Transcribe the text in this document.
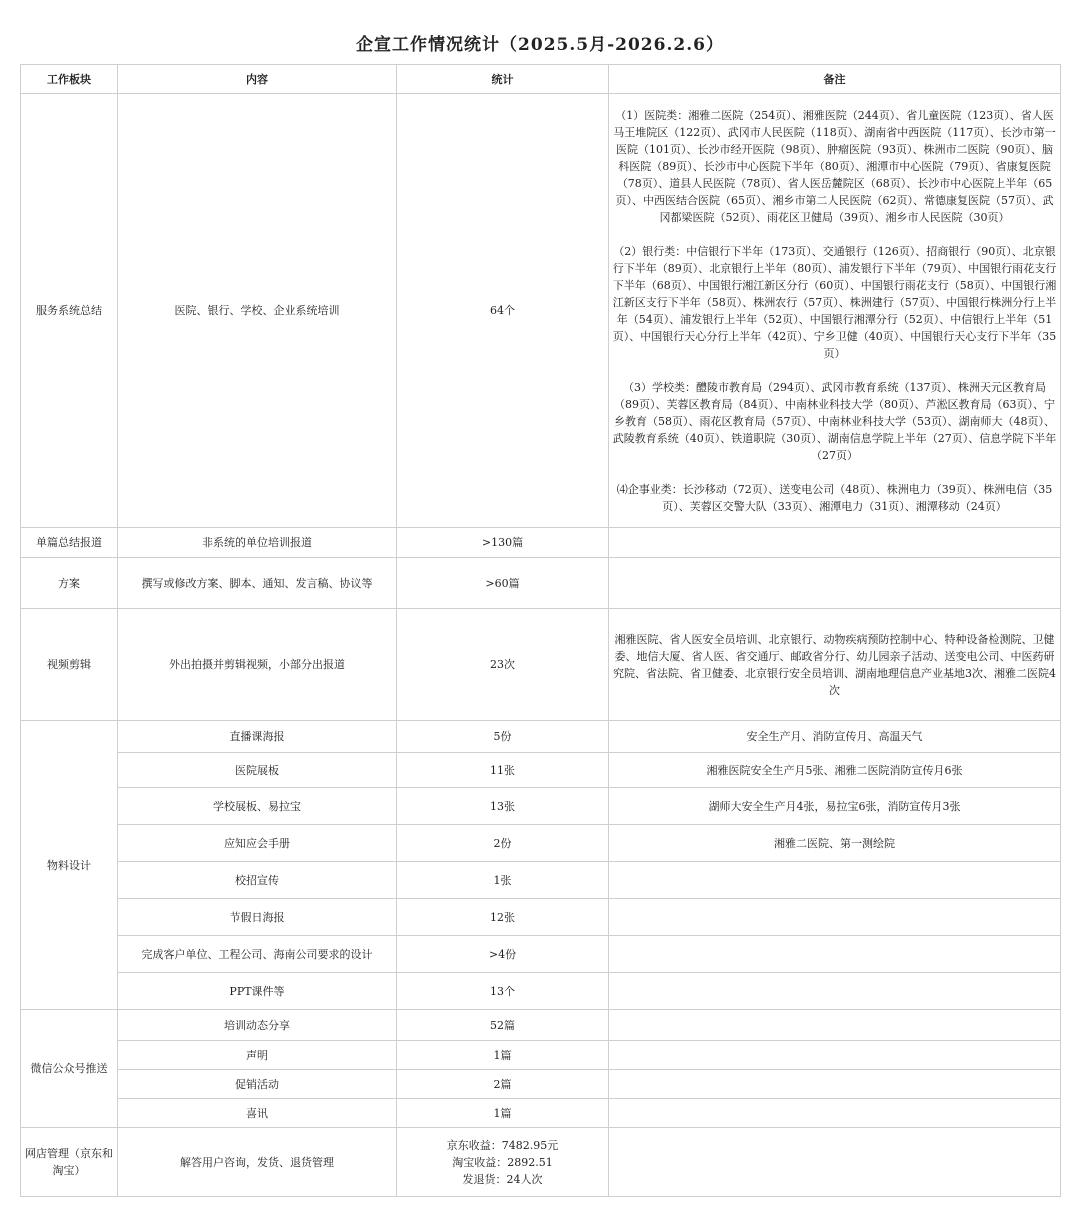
企宣工作情况统计（2025.5月-2026.2.6）
工作板块	内容	统计	备注
服务系统总结	医院、银行、学校、企业系统培训	64个	（1）医院类：湘雅二医院（254页）、湘雅医院（244页）、省儿童医院（123页）、省人医马王堆院区（122页）、武冈市人民医院（118页）、湖南省中西医院（117页）、长沙市第一医院（101页）、长沙市经开医院（98页）、肿瘤医院（93页）、株洲市二医院（90页）、脑科医院（89页）、长沙市中心医院下半年（80页）、湘潭市中心医院（79页）、省康复医院（78页）、道县人民医院（78页）、省人医岳麓院区（68页）、长沙市中心医院上半年（65页）、中西医结合医院（65页）、湘乡市第二人民医院（62页）、常德康复医院（57页）、武冈都梁医院（52页）、雨花区卫健局（39页）、湘乡市人民医院（30页）
（2）银行类：中信银行下半年（173页）、交通银行（126页）、招商银行（90页）、北京银行下半年（89页）、北京银行上半年（80页）、浦发银行下半年（79页）、中国银行雨花支行下半年（68页）、中国银行湘江新区分行（60页）、中国银行雨花支行（58页）、中国银行湘江新区支行下半年（58页）、株洲农行（57页）、株洲建行（57页）、中国银行株洲分行上半年（54页）、浦发银行上半年（52页）、中国银行湘潭分行（52页）、中信银行上半年（51页）、中国银行天心分行上半年（42页）、宁乡卫健（40页）、中国银行天心支行下半年（35页）
（3）学校类：醴陵市教育局（294页）、武冈市教育系统（137页）、株洲天元区教育局（89页）、芙蓉区教育局（84页）、中南林业科技大学（80页）、芦淞区教育局（63页）、宁乡教育（58页）、雨花区教育局（57页）、中南林业科技大学（53页）、湖南师大（48页）、武陵教育系统（40页）、铁道职院（30页）、湖南信息学院上半年（27页）、信息学院下半年（27页）
⑷企事业类：长沙移动（72页）、送变电公司（48页）、株洲电力（39页）、株洲电信（35页）、芙蓉区交警大队（33页）、湘潭电力（31页）、湘潭移动（24页）

单篇总结报道	非系统的单位培训报道	>130篇	
方案	撰写或修改方案、脚本、通知、发言稿、协议等	>60篇	
视频剪辑	外出拍摄并剪辑视频，小部分出报道	23次	湘雅医院、省人医安全员培训、北京银行、动物疾病预防控制中心、特种设备检测院、卫健委、地信大厦、省人医、省交通厅、邮政省分行、幼儿园亲子活动、送变电公司、中医药研究院、省法院、省卫健委、北京银行安全员培训、湖南地理信息产业基地3次、湘雅二医院4次
物料设计	直播课海报	5份	安全生产月、消防宣传月、高温天气
	医院展板	11张	湘雅医院安全生产月5张、湘雅二医院消防宣传月6张
	学校展板、易拉宝	13张	湖师大安全生产月4张，易拉宝6张，消防宣传月3张
	应知应会手册	2份	湘雅二医院、第一测绘院
	校招宣传	1张	
	节假日海报	12张	
	完成客户单位、工程公司、海南公司要求的设计	>4份	
	PPT课件等	13个	
微信公众号推送	培训动态分享	52篇	
	声明	1篇	
	促销活动	2篇	
	喜讯	1篇	
网店管理（京东和淘宝）	解答用户咨询，发货、退货管理	京东收益：7482.95元
淘宝收益：2892.51
发退货：24人次	
